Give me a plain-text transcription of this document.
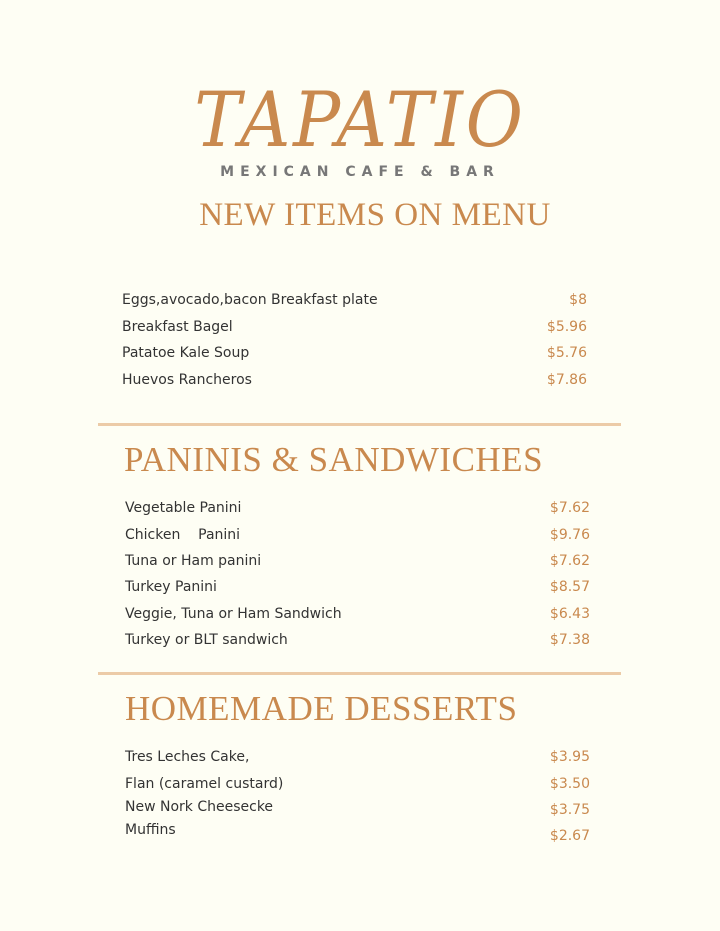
TAPATIO
MEXICAN CAFE & BAR
NEW ITEMS ON MENU
Eggs,avocado,bacon Breakfast plate	$8
Breakfast Bagel	$5.96
Patatoe Kale Soup	$5.76
Huevos Rancheros	$7.86
PANINIS & SANDWICHES
Vegetable Panini	$7.62
Chicken    Panini	$9.76
Tuna or Ham panini	$7.62
Turkey Panini	$8.57
Veggie, Tuna or Ham Sandwich	$6.43
Turkey or BLT sandwich	$7.38
HOMEMADE DESSERTS
Tres Leches Cake,	$3.95
Flan (caramel custard)	$3.50
New Nork Cheesecke	$3.75
Muffins	$2.67
